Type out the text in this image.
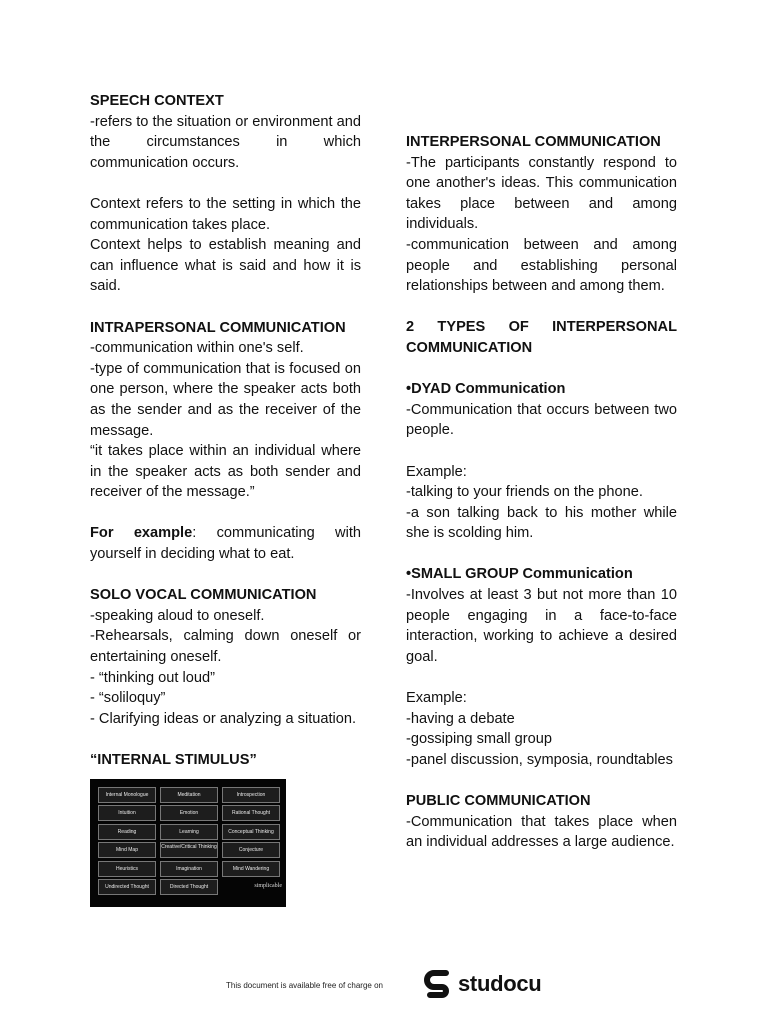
SPEECH CONTEXT

-refers to the situation or environment and the circumstances in which communication occurs.

Context refers to the setting in which the communication takes place.

Context helps to establish meaning and can influence what is said and how it is said.

INTRAPERSONAL COMMUNICATION

-communication within one's self.

-type of communication that is focused on one person, where the speaker acts both as the sender and as the receiver of the message.

“it takes place within an individual where in the speaker acts as both sender and receiver of the message.”

For example: communicating with yourself in deciding what to eat.

SOLO VOCAL COMMUNICATION

-speaking aloud to oneself.

-Rehearsals, calming down oneself or entertaining oneself.

- “thinking out loud”

- “soliloquy”

- Clarifying ideas or analyzing a situation.

“INTERNAL STIMULUS”

simplicable
Internal Monologue	Meditation	Introspection
Intuition	Emotion	Rational Thought
Reading	Learning	Conceptual Thinking
Mind Map	Creative/Critical Thinking	Conjecture
Heuristics	Imagination	Mind Wandering
Undirected Thought	Directed Thought

INTERPERSONAL COMMUNICATION

-The participants constantly respond to one another's ideas. This communication takes place between and among individuals.

-communication between and among people and establishing personal relationships between and among them.

2 TYPES OF INTERPERSONAL COMMUNICATION

•DYAD Communication

-Communication that occurs between two people.

Example:

-talking to your friends on the phone.

-a son talking back to his mother while she is scolding him.

•SMALL GROUP Communication

-Involves at least 3 but not more than 10 people engaging in a face-to-face interaction, working to achieve a desired goal.

Example:

-having a debate

-gossiping small group

-panel discussion, symposia, roundtables

PUBLIC COMMUNICATION

-Communication that takes place when an individual addresses a large audience.

This document is available free of charge on	studocu
